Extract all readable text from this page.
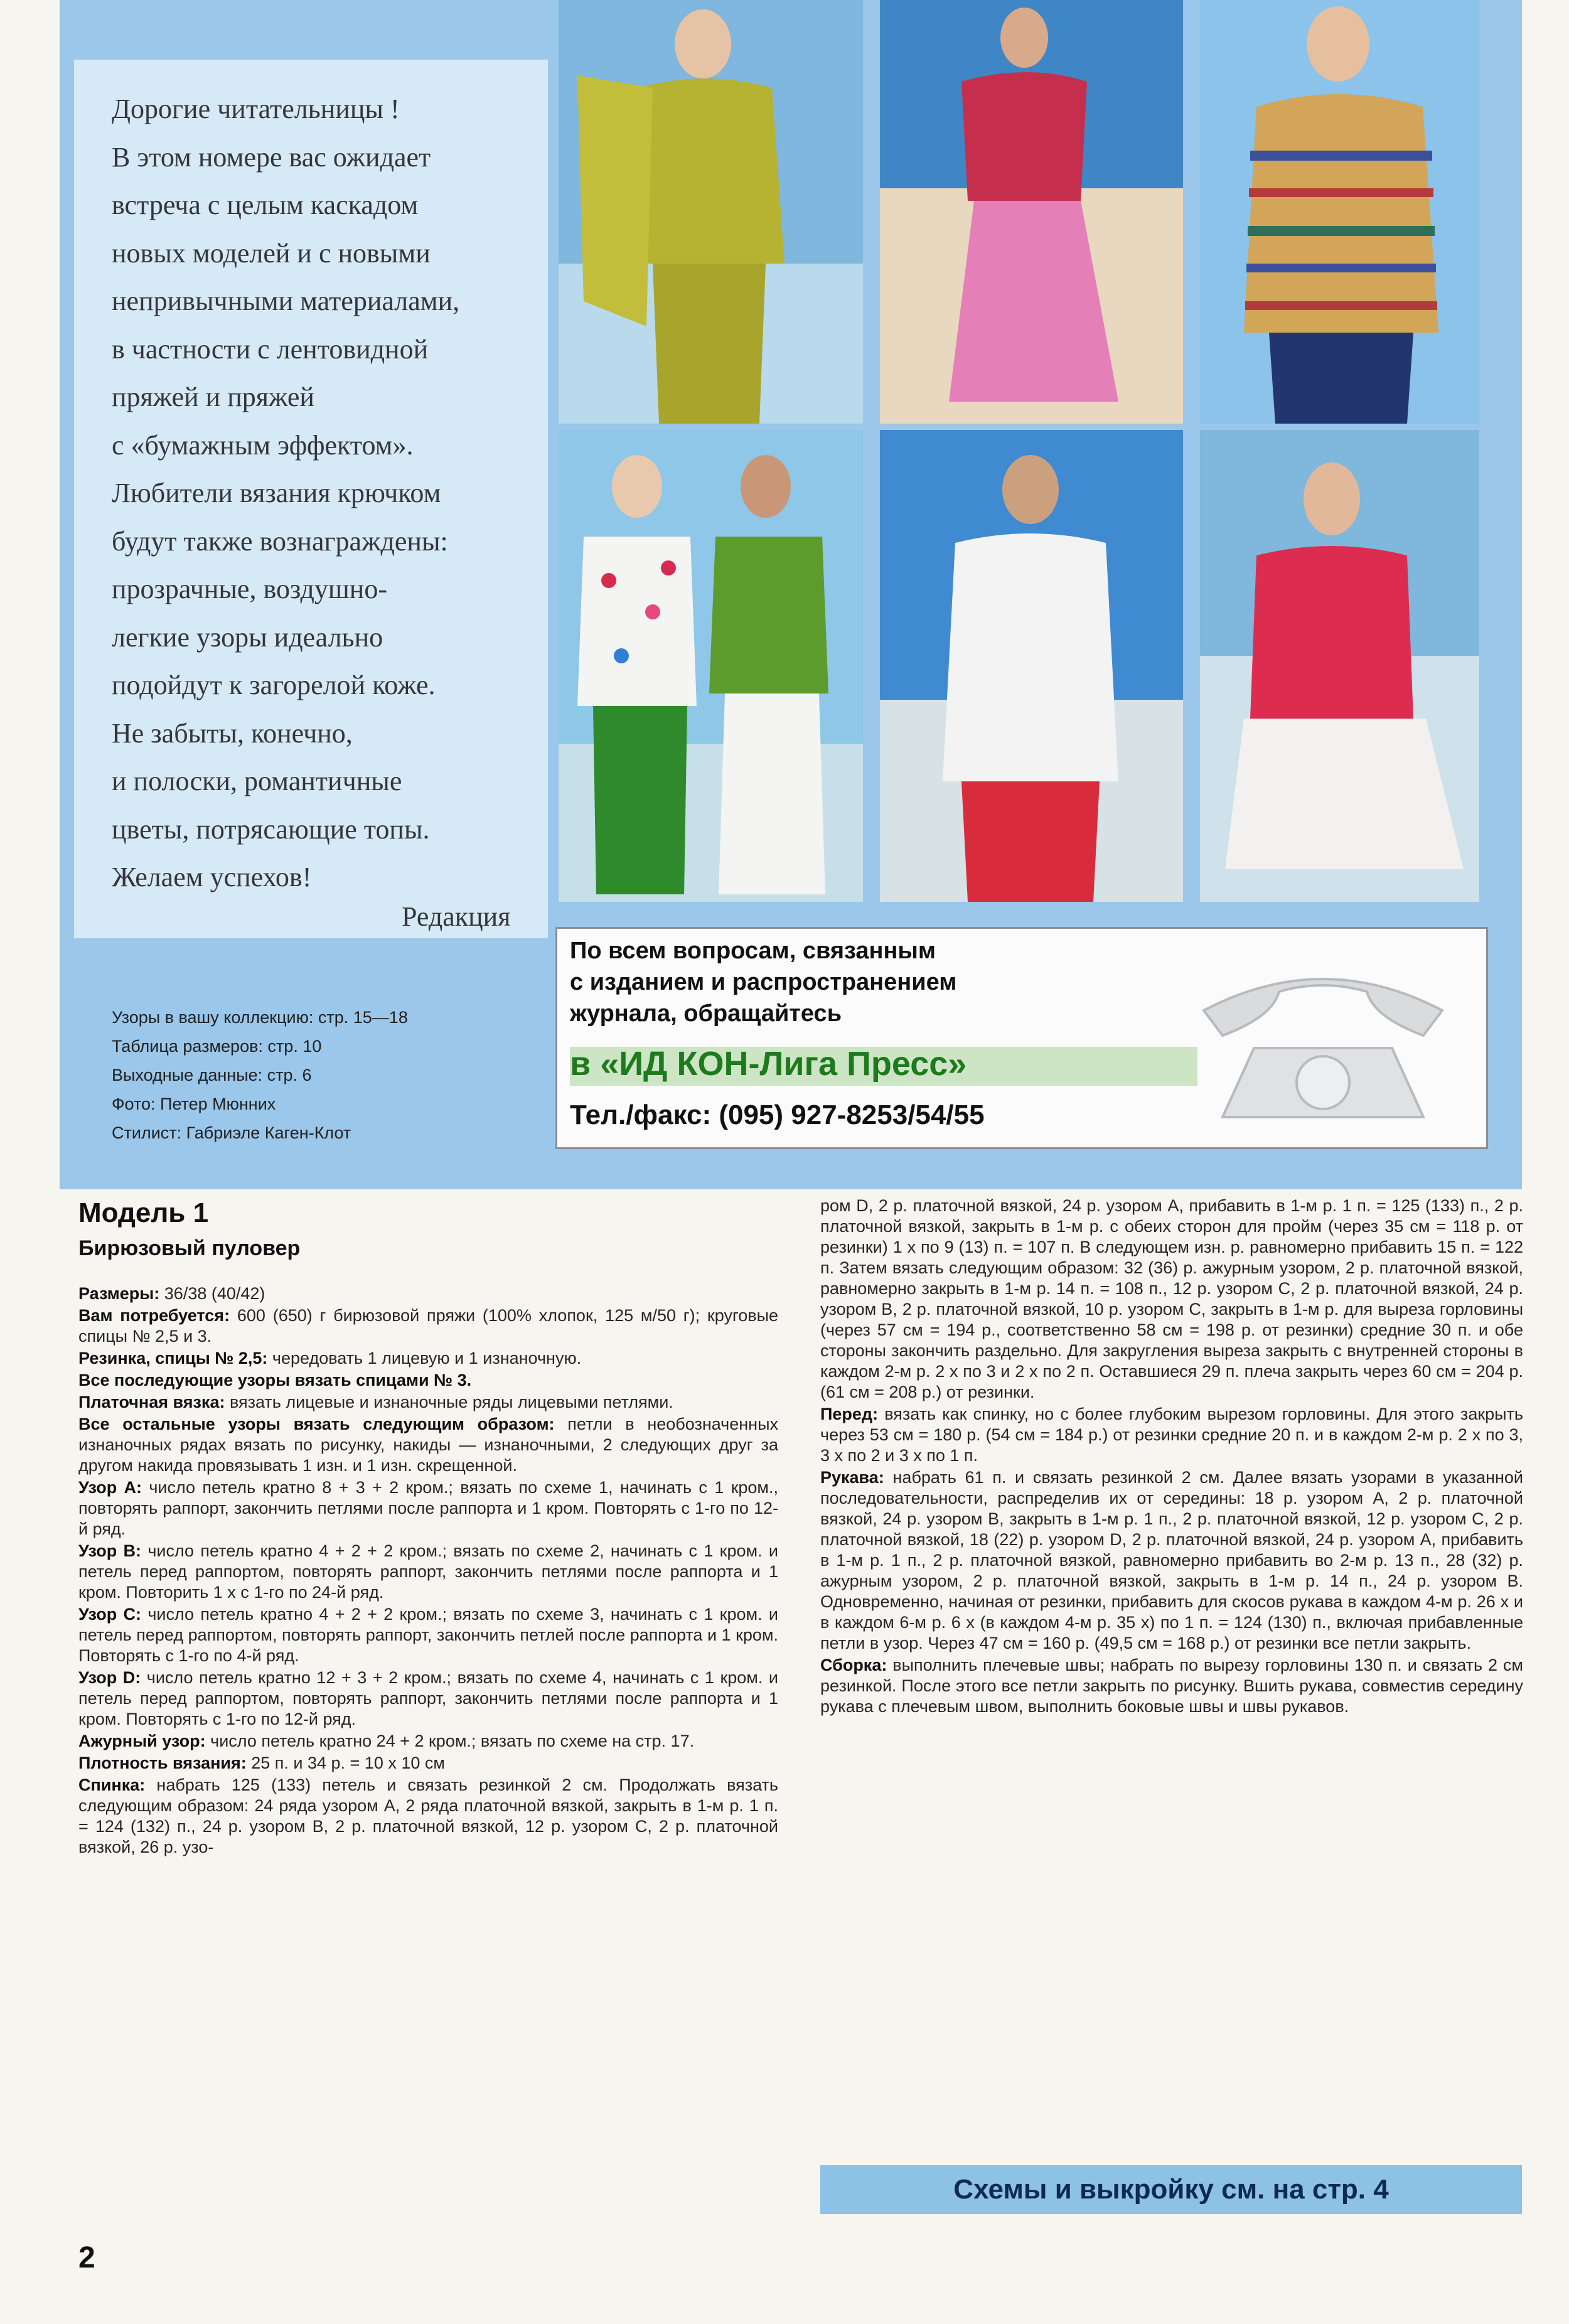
Дорогие читательницы !
В этом номере вас ожидает
встреча с целым каскадом
новых моделей и с новыми
непривычными материалами,
в частности с лентовидной
пряжей и пряжей
с «бумажным эффектом».
Любители вязания крючком
будут также вознаграждены:
прозрачные, воздушно-
легкие узоры идеально
подойдут к загорелой коже.
Не забыты, конечно,
и полоски, романтичные
цветы, потрясающие топы.
Желаем успехов!
Редакция
Узоры в вашу коллекцию: стр. 15—18
Таблица размеров: стр. 10
Выходные данные: стр. 6
Фото: Петер Мюнних
Стилист: Габриэле Каген-Клот
По всем вопросам, связанным
с изданием и распространением
журнала, обращайтесь
в «ИД КОН-Лига Пресс»
Тел./факс: (095) 927-8253/54/55
Модель 1
Бирюзовый пуловер

Размеры: 36/38 (40/42)

Вам потребуется: 600 (650) г бирюзовой пряжи (100% хлопок, 125 м/50 г); круговые спицы № 2,5 и 3.

Резинка, спицы № 2,5: чередовать 1 лицевую и 1 изнаночную.

Все последующие узоры вязать спицами № 3.

Платочная вязка: вязать лицевые и изнаночные ряды лицевыми петлями.

Все остальные узоры вязать следующим образом: петли в необозначенных изнаночных рядах вязать по рисунку, накиды — изнаночными, 2 следующих друг за другом накида провязывать 1 изн. и 1 изн. скрещенной.

Узор А: число петель кратно 8 + 3 + 2 кром.; вязать по схеме 1, начинать с 1 кром., повторять раппорт, закончить петлями после раппорта и 1 кром. Повторять с 1-го по 12-й ряд.

Узор В: число петель кратно 4 + 2 + 2 кром.; вязать по схеме 2, начинать с 1 кром. и петель перед раппортом, повторять раппорт, закончить петлями после раппорта и 1 кром. Повторить 1 х с 1-го по 24-й ряд.

Узор С: число петель кратно 4 + 2 + 2 кром.; вязать по схеме 3, начинать с 1 кром. и петель перед раппортом, повторять раппорт, закончить петлей после раппорта и 1 кром. Повторять с 1-го по 4-й ряд.

Узор D: число петель кратно 12 + 3 + 2 кром.; вязать по схеме 4, начинать с 1 кром. и петель перед раппортом, повторять раппорт, закончить петлями после раппорта и 1 кром. Повторять с 1-го по 12-й ряд.

Ажурный узор: число петель кратно 24 + 2 кром.; вязать по схеме на стр. 17.

Плотность вязания: 25 п. и 34 р. = 10 х 10 см

Спинка: набрать 125 (133) петель и связать резинкой 2 см. Продолжать вязать следующим образом: 24 ряда узором А, 2 ряда платочной вязкой, закрыть в 1-м р. 1 п. = 124 (132) п., 24 р. узором В, 2 р. платочной вязкой, 12 р. узором С, 2 р. платочной вязкой, 26 р. узо-

ром D, 2 р. платочной вязкой, 24 р. узором А, прибавить в 1-м р. 1 п. = 125 (133) п., 2 р. платочной вязкой, закрыть в 1-м р. с обеих сторон для пройм (через 35 см = 118 р. от резинки) 1 х по 9 (13) п. = 107 п. В следующем изн. р. равномерно прибавить 15 п. = 122 п. Затем вязать следующим образом: 32 (36) р. ажурным узором, 2 р. платочной вязкой, равномерно закрыть в 1-м р. 14 п. = 108 п., 12 р. узором С, 2 р. платочной вязкой, 24 р. узором В, 2 р. платочной вязкой, 10 р. узором С, закрыть в 1-м р. для выреза горловины (через 57 см = 194 р., соответственно 58 см = 198 р. от резинки) средние 30 п. и обе стороны закончить раздельно. Для закругления выреза закрыть с внутренней стороны в каждом 2-м р. 2 х по 3 и 2 х по 2 п. Оставшиеся 29 п. плеча закрыть через 60 см = 204 р. (61 см = 208 р.) от резинки.

Перед: вязать как спинку, но с более глубоким вырезом горловины. Для этого закрыть через 53 см = 180 р. (54 см = 184 р.) от резинки средние 20 п. и в каждом 2-м р. 2 х по 3, 3 х по 2 и 3 х по 1 п.

Рукава: набрать 61 п. и связать резинкой 2 см. Далее вязать узорами в указанной последовательности, распределив их от середины: 18 р. узором А, 2 р. платочной вязкой, 24 р. узором В, закрыть в 1-м р. 1 п., 2 р. платочной вязкой, 12 р. узором С, 2 р. платочной вязкой, 18 (22) р. узором D, 2 р. платочной вязкой, 24 р. узором А, прибавить в 1-м р. 1 п., 2 р. платочной вязкой, равномерно прибавить во 2-м р. 13 п., 28 (32) р. ажурным узором, 2 р. платочной вязкой, закрыть в 1-м р. 14 п., 24 р. узором В. Одновременно, начиная от резинки, прибавить для скосов рукава в каждом 4-м р. 26 х и в каждом 6-м р. 6 х (в каждом 4-м р. 35 х) по 1 п. = 124 (130) п., включая прибавленные петли в узор. Через 47 см = 160 р. (49,5 см = 168 р.) от резинки все петли закрыть.

Сборка: выполнить плечевые швы; набрать по вырезу горловины 130 п. и связать 2 см резинкой. После этого все петли закрыть по рисунку. Вшить рукава, совместив середину рукава с плечевым швом, выполнить боковые швы и швы рукавов.

Схемы и выкройку см. на стр. 4
2
